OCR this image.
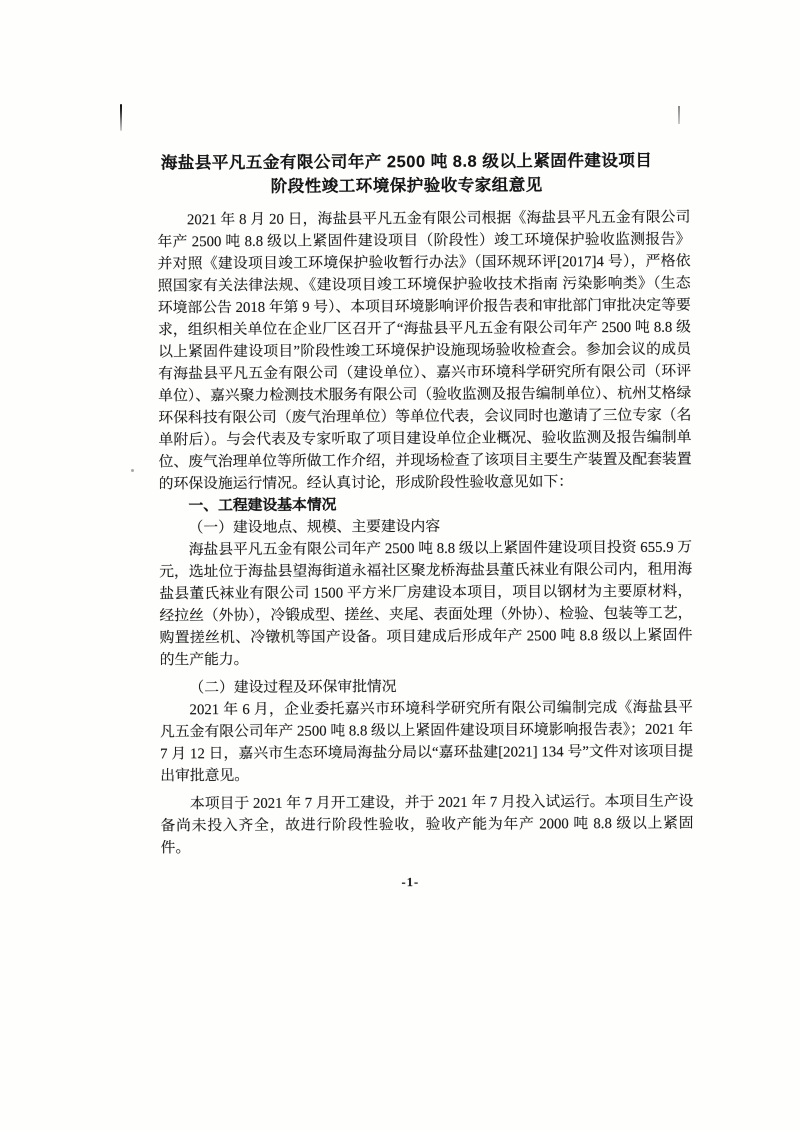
海盐县平凡五金有限公司年产 2500 吨 8.8 级以上紧固件建设项目
阶段性竣工环境保护验收专家组意见

2021 年 8 月 20 日，海盐县平凡五金有限公司根据《海盐县平凡五金有限公司年产 2500 吨 8.8 级以上紧固件建设项目（阶段性）竣工环境保护验收监测报告》并对照《建设项目竣工环境保护验收暂行办法》（国环规环评[2017]4 号），严格依照国家有关法律法规、《建设项目竣工环境保护验收技术指南 污染影响类》（生态环境部公告 2018 年第 9 号）、本项目环境影响评价报告表和审批部门审批决定等要求，组织相关单位在企业厂区召开了“海盐县平凡五金有限公司年产 2500 吨 8.8 级以上紧固件建设项目”阶段性竣工环境保护设施现场验收检查会。参加会议的成员有海盐县平凡五金有限公司（建设单位）、嘉兴市环境科学研究所有限公司（环评单位）、嘉兴聚力检测技术服务有限公司（验收监测及报告编制单位）、杭州艾格绿环保科技有限公司（废气治理单位）等单位代表，会议同时也邀请了三位专家（名单附后）。与会代表及专家听取了项目建设单位企业概况、验收监测及报告编制单位、废气治理单位等所做工作介绍，并现场检查了该项目主要生产装置及配套装置的环保设施运行情况。经认真讨论，形成阶段性验收意见如下：

一、工程建设基本情况

（一）建设地点、规模、主要建设内容

海盐县平凡五金有限公司年产 2500 吨 8.8 级以上紧固件建设项目投资 655.9 万元，选址位于海盐县望海街道永福社区聚龙桥海盐县董氏袜业有限公司内，租用海盐县董氏袜业有限公司 1500 平方米厂房建设本项目，项目以钢材为主要原材料，经拉丝（外协），冷锻成型、搓丝、夹尾、表面处理（外协）、检验、包装等工艺，购置搓丝机、冷镦机等国产设备。项目建成后形成年产 2500 吨 8.8 级以上紧固件的生产能力。

（二）建设过程及环保审批情况

2021 年 6 月，企业委托嘉兴市环境科学研究所有限公司编制完成《海盐县平凡五金有限公司年产 2500 吨 8.8 级以上紧固件建设项目环境影响报告表》；2021 年 7 月 12 日，嘉兴市生态环境局海盐分局以“嘉环盐建[2021] 134 号”文件对该项目提出审批意见。

本项目于 2021 年 7 月开工建设，并于 2021 年 7 月投入试运行。本项目生产设备尚未投入齐全，故进行阶段性验收，验收产能为年产 2000 吨 8.8 级以上紧固件。

-1-
